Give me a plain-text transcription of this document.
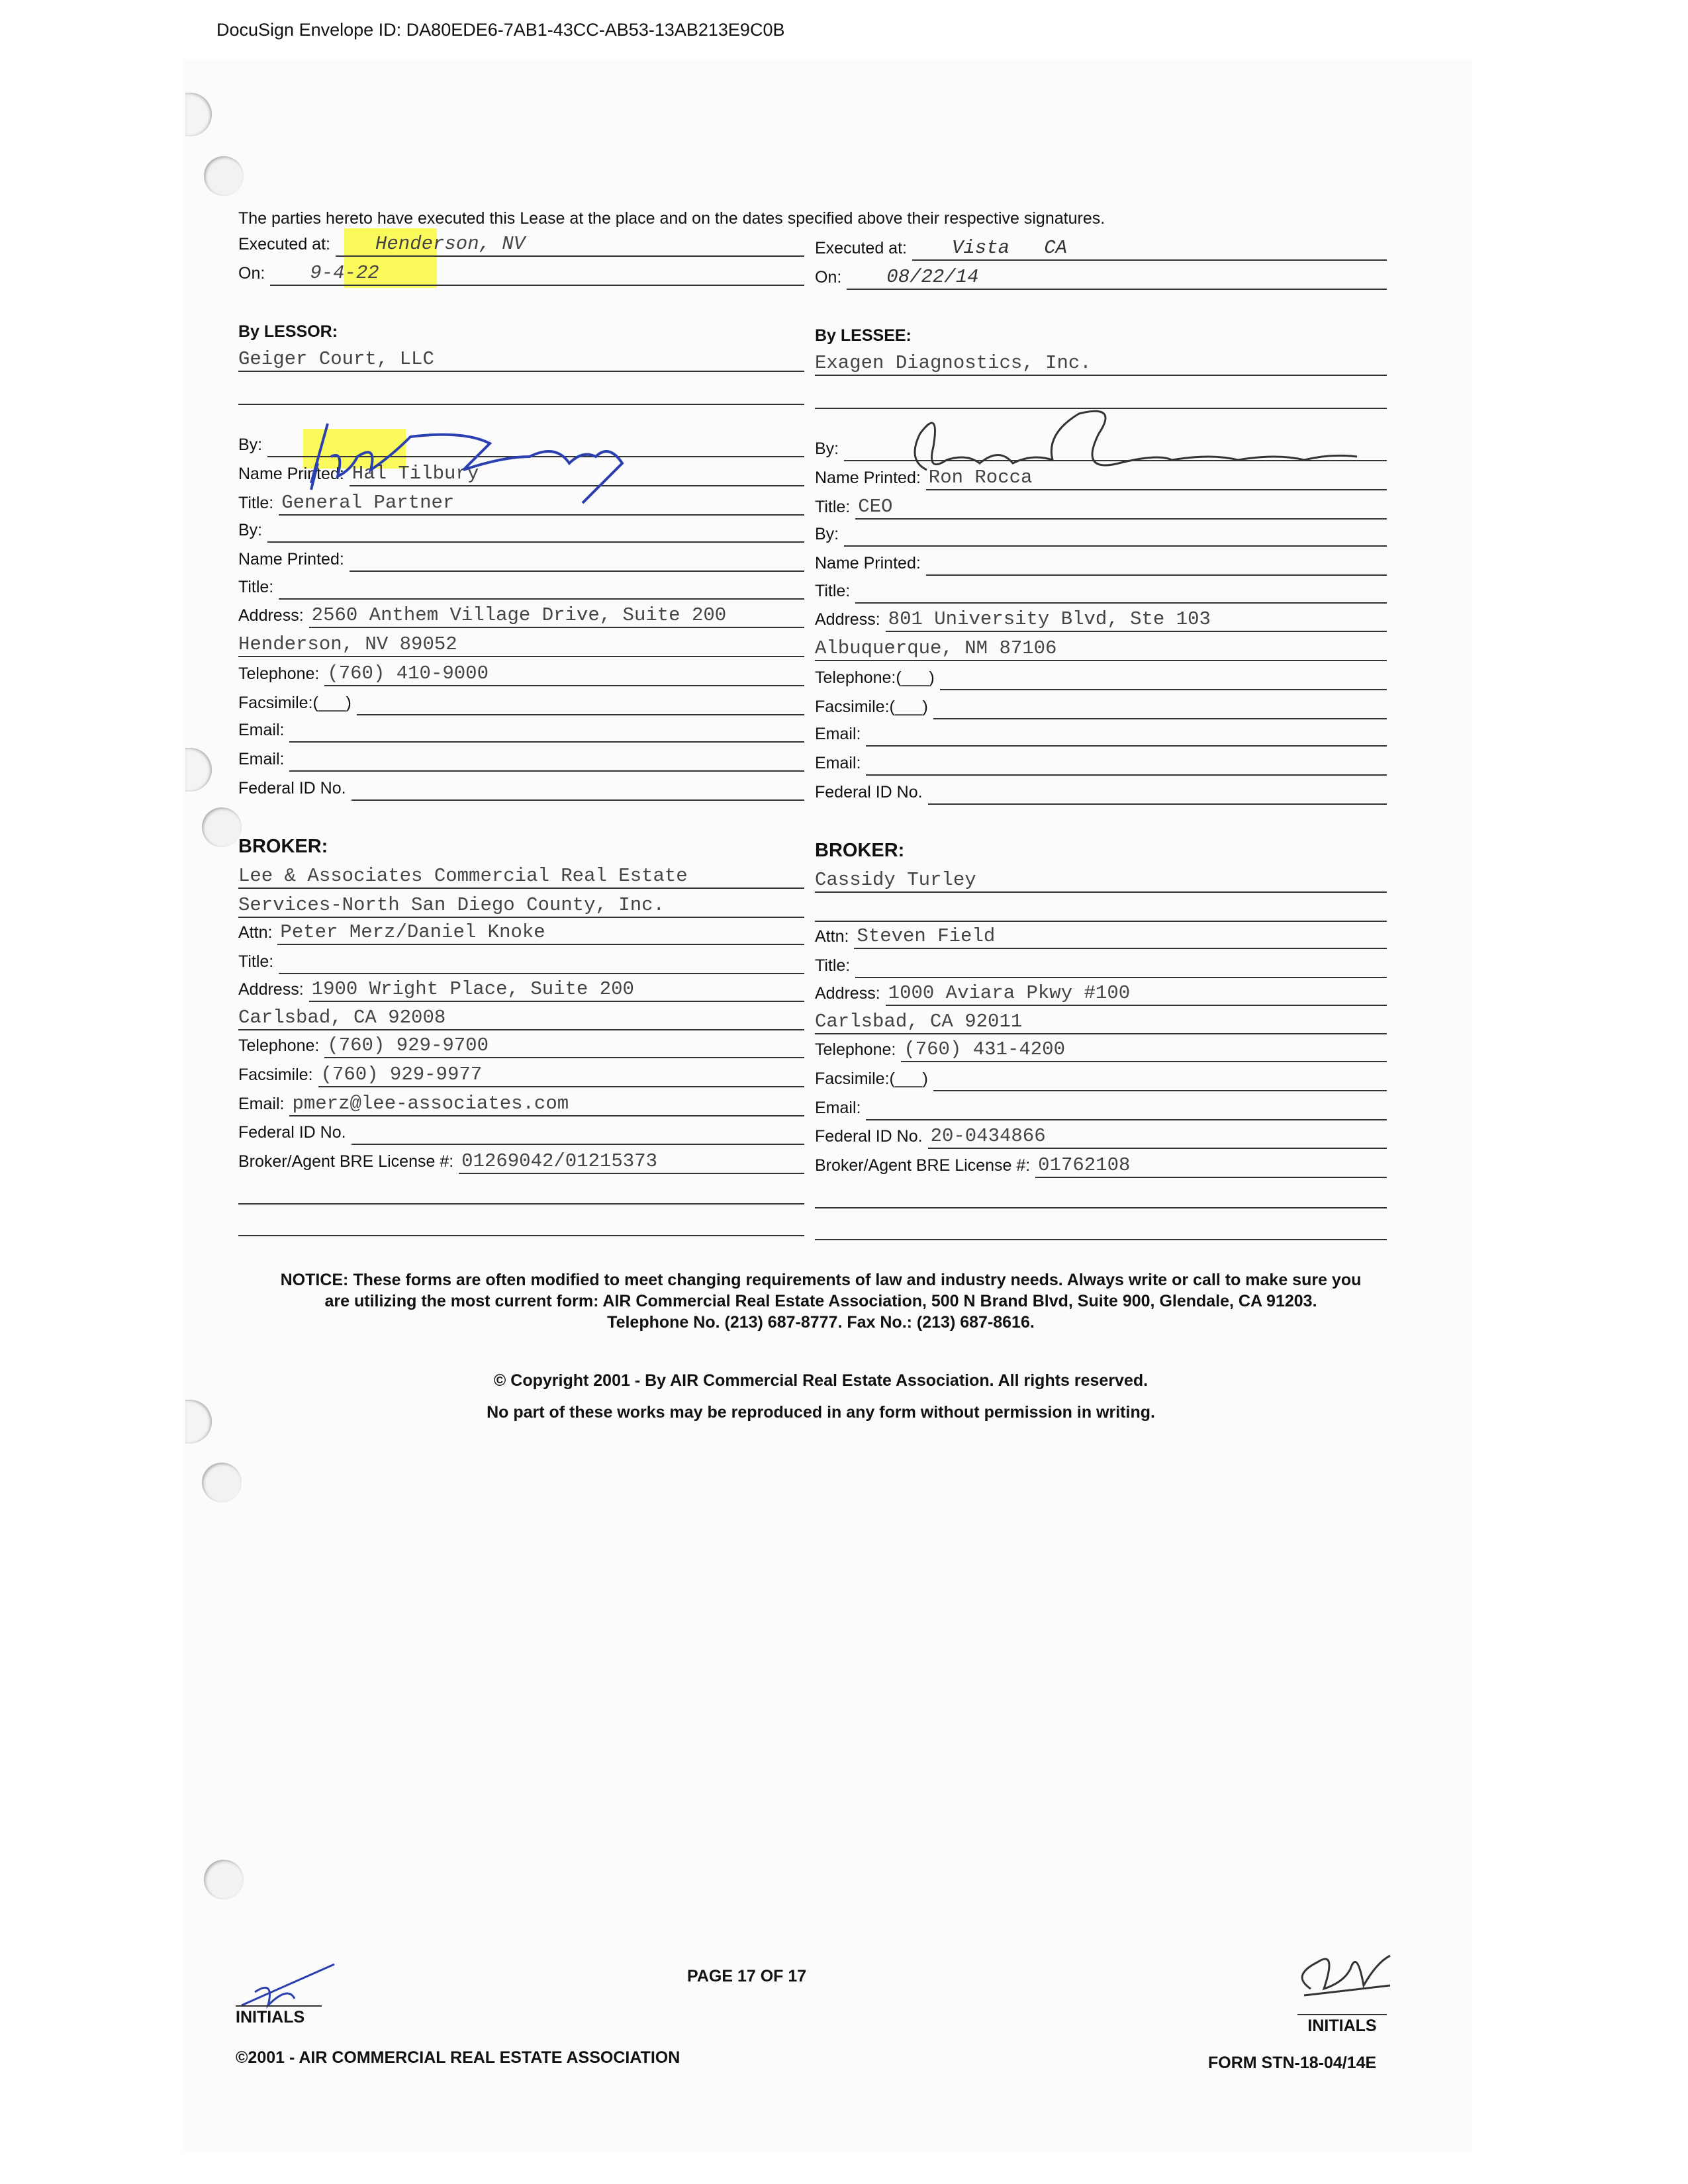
DocuSign Envelope ID: DA80EDE6-7AB1-43CC-AB53-13AB213E9C0B
The parties hereto have executed this Lease at the place and on the dates specified above their respective signatures.
Executed at:	Henderson, NV
On:	9-4-22
By LESSOR:
Geiger Court, LLC
By:
Name Printed: Hal Tilbury
Title: General Partner
By:
Name Printed:
Title:
Address: 2560 Anthem Village Drive, Suite 200
Henderson, NV 89052
Telephone: (760) 410-9000
Facsimile:(___)
Email:
Email:
Federal ID No.
Executed at:	Vista   CA
On:	08/22/14
By LESSEE:
Exagen Diagnostics, Inc.
By:
Name Printed: Ron Rocca
Title: CEO
By:
Name Printed:
Title:
Address: 801 University Blvd, Ste 103
Albuquerque, NM 87106
Telephone:(___)
Facsimile:(___)
Email:
Email:
Federal ID No.
BROKER:
Lee & Associates Commercial Real Estate
Services-North San Diego County, Inc.
Attn: Peter Merz/Daniel Knoke
Title:
Address: 1900 Wright Place, Suite 200
Carlsbad, CA 92008
Telephone: (760) 929-9700
Facsimile: (760) 929-9977
Email: pmerz@lee-associates.com
Federal ID No.
Broker/Agent BRE License #: 01269042/01215373
BROKER:
Cassidy Turley
Attn: Steven Field
Title:
Address: 1000 Aviara Pkwy #100
Carlsbad, CA 92011
Telephone: (760) 431-4200
Facsimile:(___)
Email:
Federal ID No. 20-0434866
Broker/Agent BRE License #: 01762108
NOTICE: These forms are often modified to meet changing requirements of law and industry needs. Always write or call to make sure you
are utilizing the most current form: AIR Commercial Real Estate Association, 500 N Brand Blvd, Suite 900, Glendale, CA 91203.
Telephone No. (213) 687-8777. Fax No.: (213) 687-8616.
© Copyright 2001 - By AIR Commercial Real Estate Association. All rights reserved.
No part of these works may be reproduced in any form without permission in writing.
PAGE 17 OF 17
INITIALS	INITIALS
©2001 - AIR COMMERCIAL REAL ESTATE ASSOCIATION	FORM STN-18-04/14E
